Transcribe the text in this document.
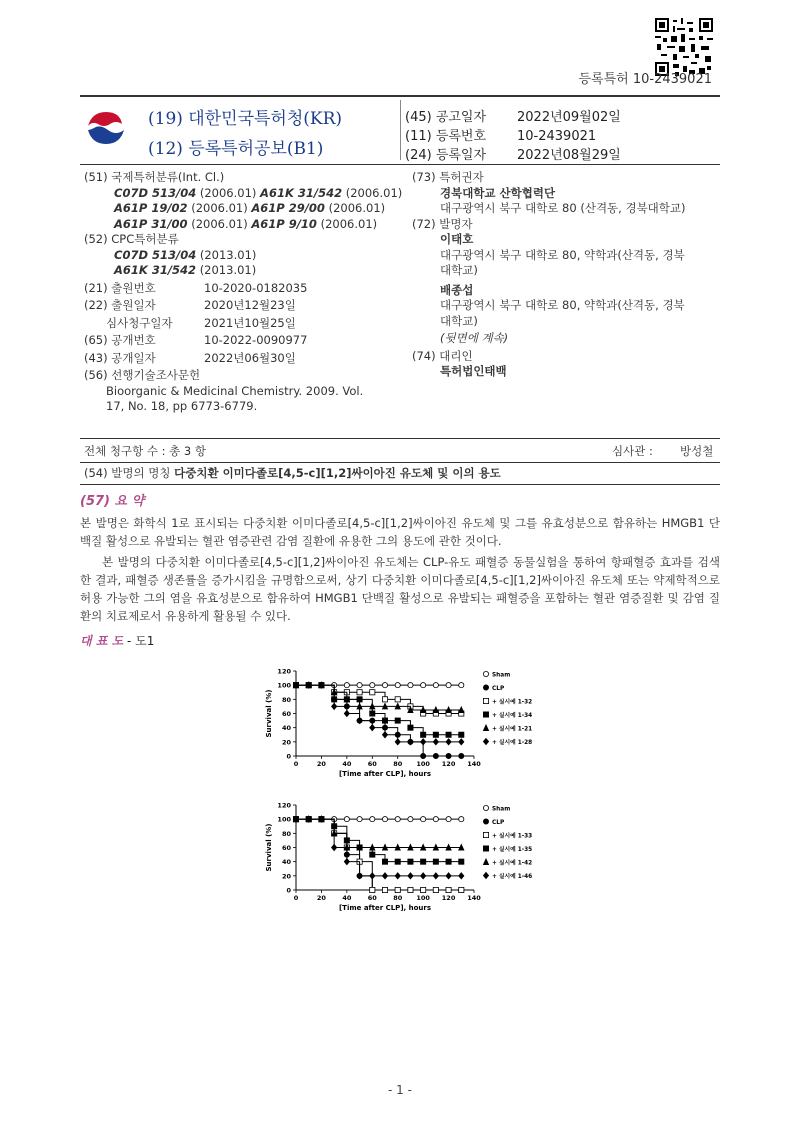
등록특허 10-2439021
(19) 대한민국특허청(KR)
(12) 등록특허공보(B1)
(45) 공고일자 2022년09월02일
(11) 등록번호 10-2439021
(24) 등록일자 2022년08월29일
(51) 국제특허분류(Int. Cl.)
C07D 513/04 (2006.01) A61K 31/542 (2006.01)
A61P 19/02 (2006.01) A61P 29/00 (2006.01)
A61P 31/00 (2006.01) A61P 9/10 (2006.01)
(52) CPC특허분류
C07D 513/04 (2013.01)
A61K 31/542 (2013.01)
(21) 출원번호	10-2020-0182035
(22) 출원일자	2020년12월23일
심사청구일자	2021년10월25일
(65) 공개번호	10-2022-0090977
(43) 공개일자	2022년06월30일
(56) 선행기술조사문헌
Bioorganic & Medicinal Chemistry. 2009. Vol.
17, No. 18, pp 6773-6779.
(73) 특허권자
경북대학교 산학협력단
대구광역시 북구 대학로 80 (산격동, 경북대학교)
(72) 발명자
이태호
대구광역시 북구 대학로 80, 약학과(산격동, 경북
대학교)
배종섭
대구광역시 북구 대학로 80, 약학과(산격동, 경북
대학교)
(뒷면에 계속)
(74) 대리인
특허법인태백
전체 청구항 수 : 총 3 항	심사관 : 방성철
(54) 발명의 명칭 다중치환 이미다졸로[4,5-c][1,2]싸이아진 유도체 및 이의 용도
(57) 요 약
본 발명은 화학식 1로 표시되는 다중치환 이미다졸로[4,5-c][1,2]싸이아진 유도체 및 그를 유효성분으로 함유하는 HMGB1 단백질 활성으로 유발되는 혈관 염증관련 감염 질환에 유용한 그의 용도에 관한 것이다.
본 발명의 다중치환 이미다졸로[4,5-c][1,2]싸이아진 유도체는 CLP-유도 패혈증 동물실험을 통하여 항패혈증 효과를 검색한 결과, 패혈증 생존률을 증가시킴을 규명함으로써, 상기 다중치환 이미다졸로[4,5-c][1,2]싸이아진 유도체 또는 약제학적으로 허용 가능한 그의 염을 유효성분으로 함유하여 HMGB1 단백질 활성으로 유발되는 패혈증을 포함하는 혈관 염증질환 및 감염 질환의 치료제로서 유용하게 활용될 수 있다.
대 표 도 - 도1
0
20
40
60
80
100
120
0	20	40	60	80 100 120 140
[Time after CLP], hours
Survival (%)
Sham
CLP
+ 실시예 1-32
+ 실시예 1-34
+ 실시예 1-21
+ 실시예 1-28
0
20
40
60
80
100
120
0	20	40	60	80 100 120 140
[Time after CLP], hours
Survival (%)
Sham
CLP
+ 실시예 1-33
+ 실시예 1-35
+ 실시예 1-42
+ 실시예 1-46
- 1 -
